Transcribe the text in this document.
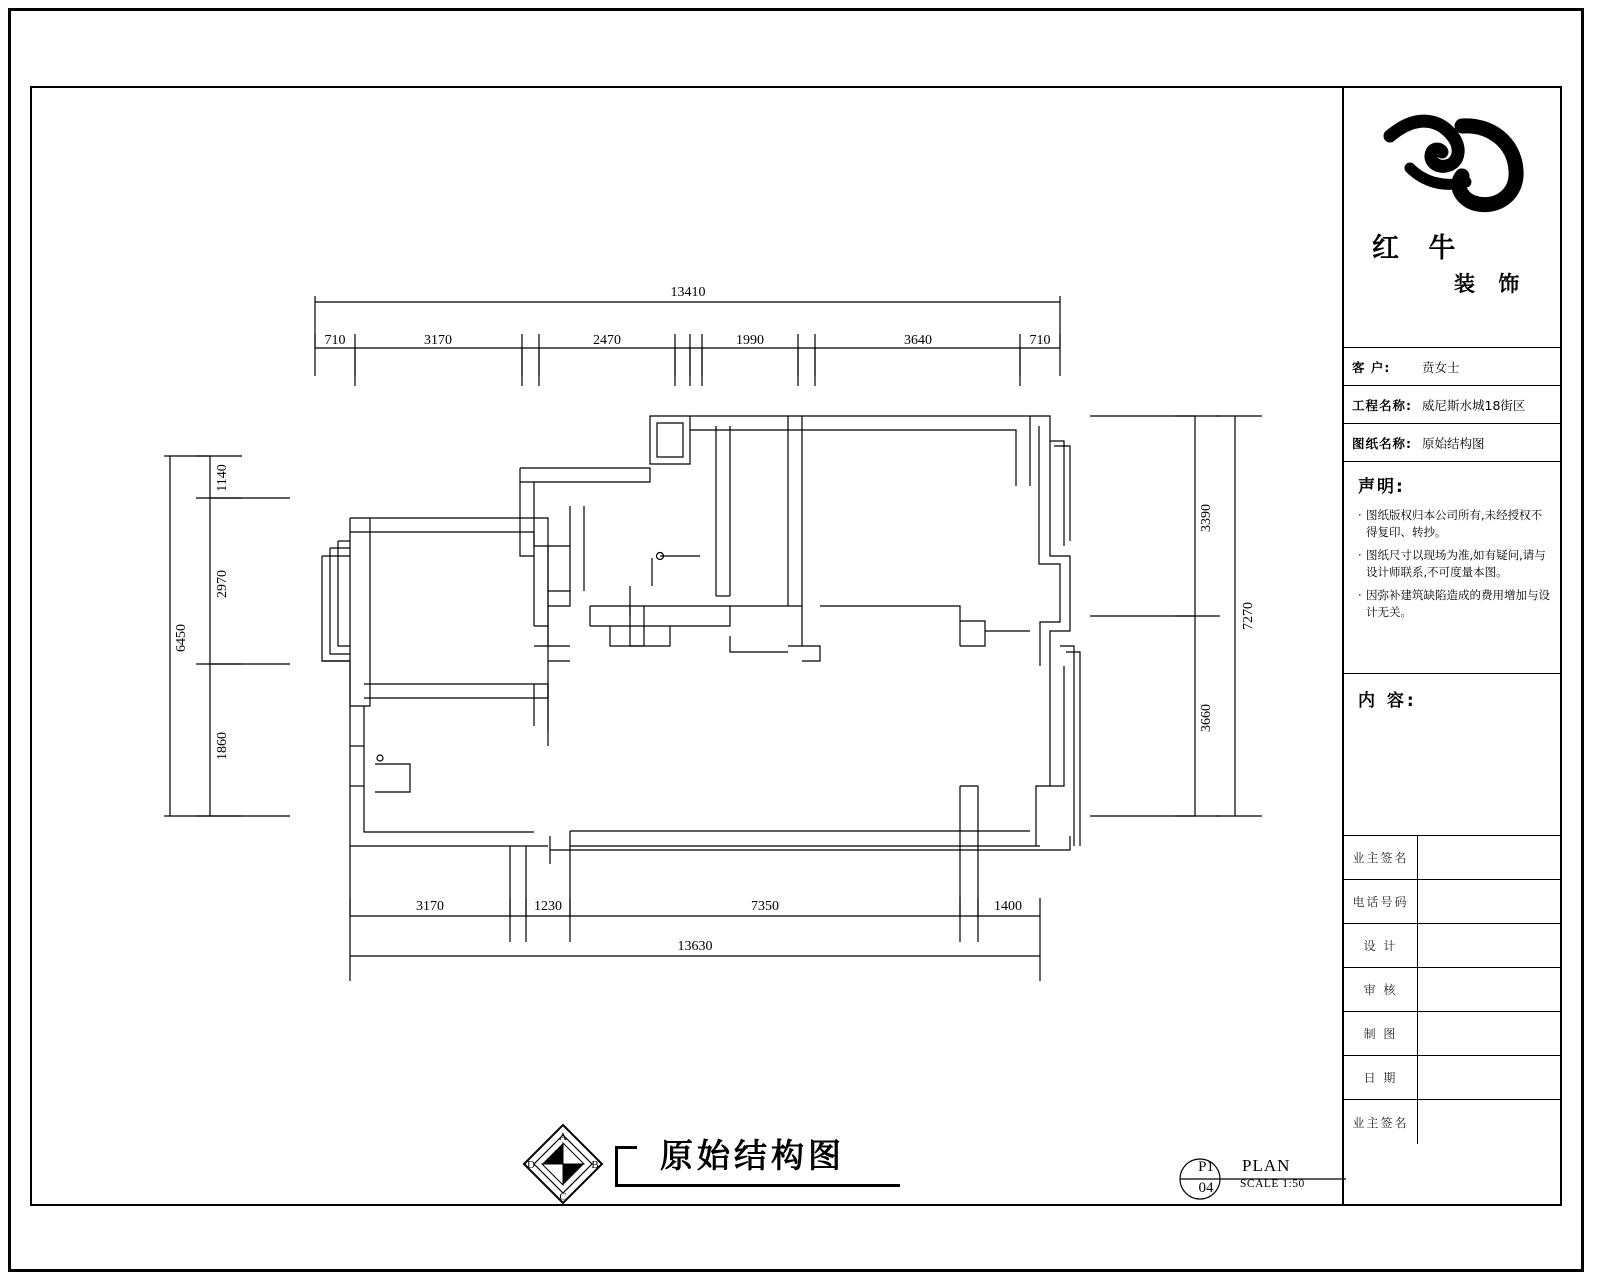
13410
710	3170	2470	1990	3640	710
6450
1140
2970
1860
3390
3660
7270
3170	1230	7350	1400
13630
A
B
C
D	原始结构图	P1
04
PLAN
SCALE 1:50
红 牛
装 饰
客 户:	贲女士
工程名称: 威尼斯水城18街区
图纸名称: 原始结构图
声明:
· 图纸版权归本公司所有,未经授权不得复印、转抄。
· 图纸尺寸以现场为准,如有疑问,请与设计师联系,不可度量本图。
· 因弥补建筑缺陷造成的费用增加与设计无关。
内 容:
业主签名
电话号码
设 计
审 核
制 图
日 期
业主签名
